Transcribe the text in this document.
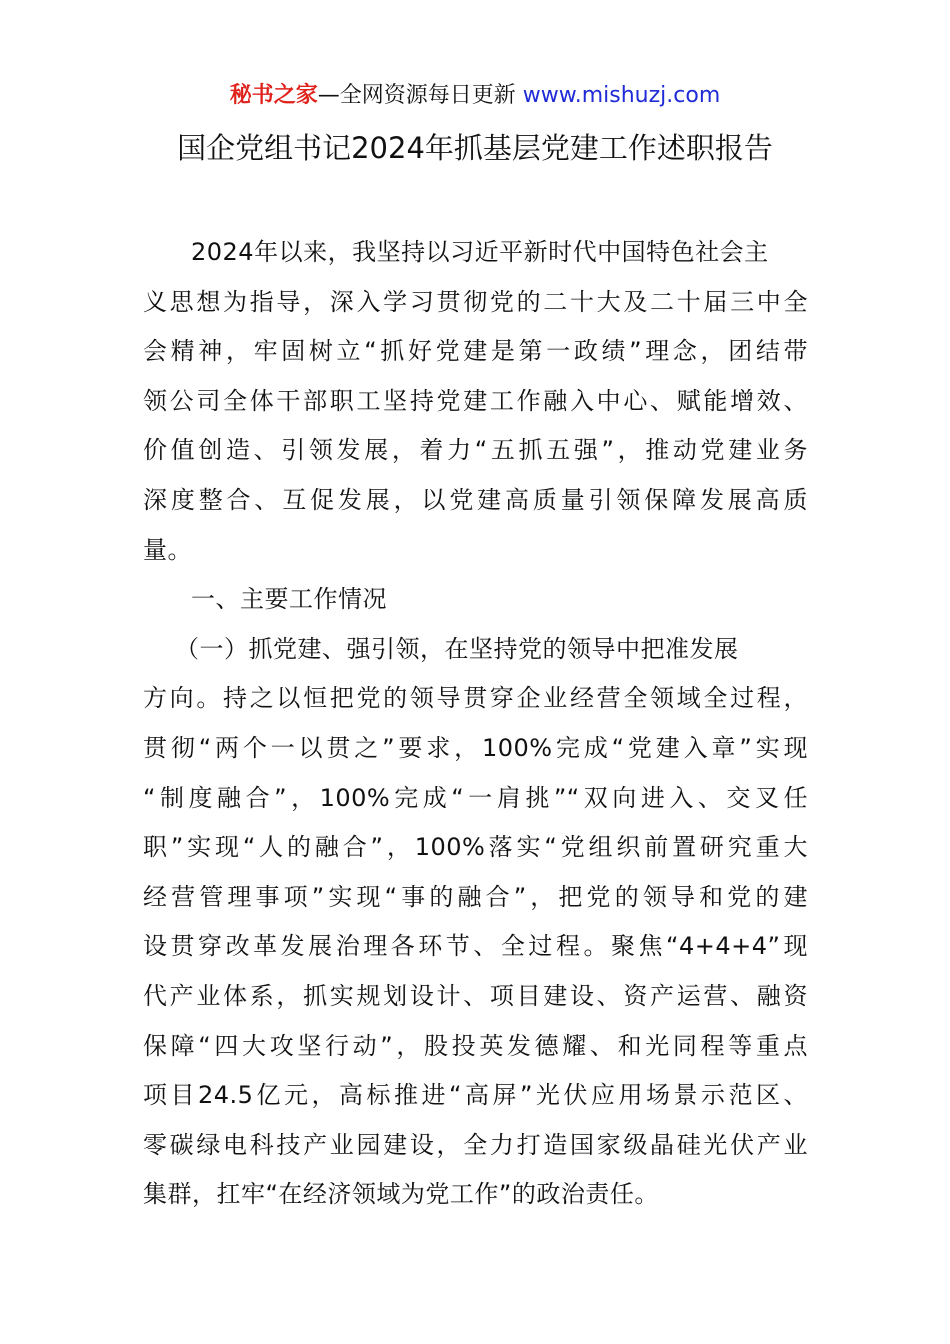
秘书之家—全网资源每日更新 www.mishuzj.com
国企党组书记2024年抓基层党建工作述职报告
2024年以来，我坚持以习近平新时代中国特色社会主
义思想为指导，深入学习贯彻党的二十大及二十届三中全
会精神，牢固树立“抓好党建是第一政绩”理念，团结带
领公司全体干部职工坚持党建工作融入中心、赋能增效、
价值创造、引领发展，着力“五抓五强”，推动党建业务
深度整合、互促发展，以党建高质量引领保障发展高质
量。
一、主要工作情况
（一）抓党建、强引领，在坚持党的领导中把准发展
方向。持之以恒把党的领导贯穿企业经营全领域全过程，
贯彻“两个一以贯之”要求，100%完成“党建入章”实现
“制度融合”，100%完成“一肩挑”“双向进入、交叉任
职”实现“人的融合”，100%落实“党组织前置研究重大
经营管理事项”实现“事的融合”，把党的领导和党的建
设贯穿改革发展治理各环节、全过程。聚焦“4+4+4”现
代产业体系，抓实规划设计、项目建设、资产运营、融资
保障“四大攻坚行动”，股投英发德耀、和光同程等重点
项目24.5亿元，高标推进“高屏”光伏应用场景示范区、
零碳绿电科技产业园建设，全力打造国家级晶硅光伏产业
集群，扛牢“在经济领域为党工作”的政治责任。
